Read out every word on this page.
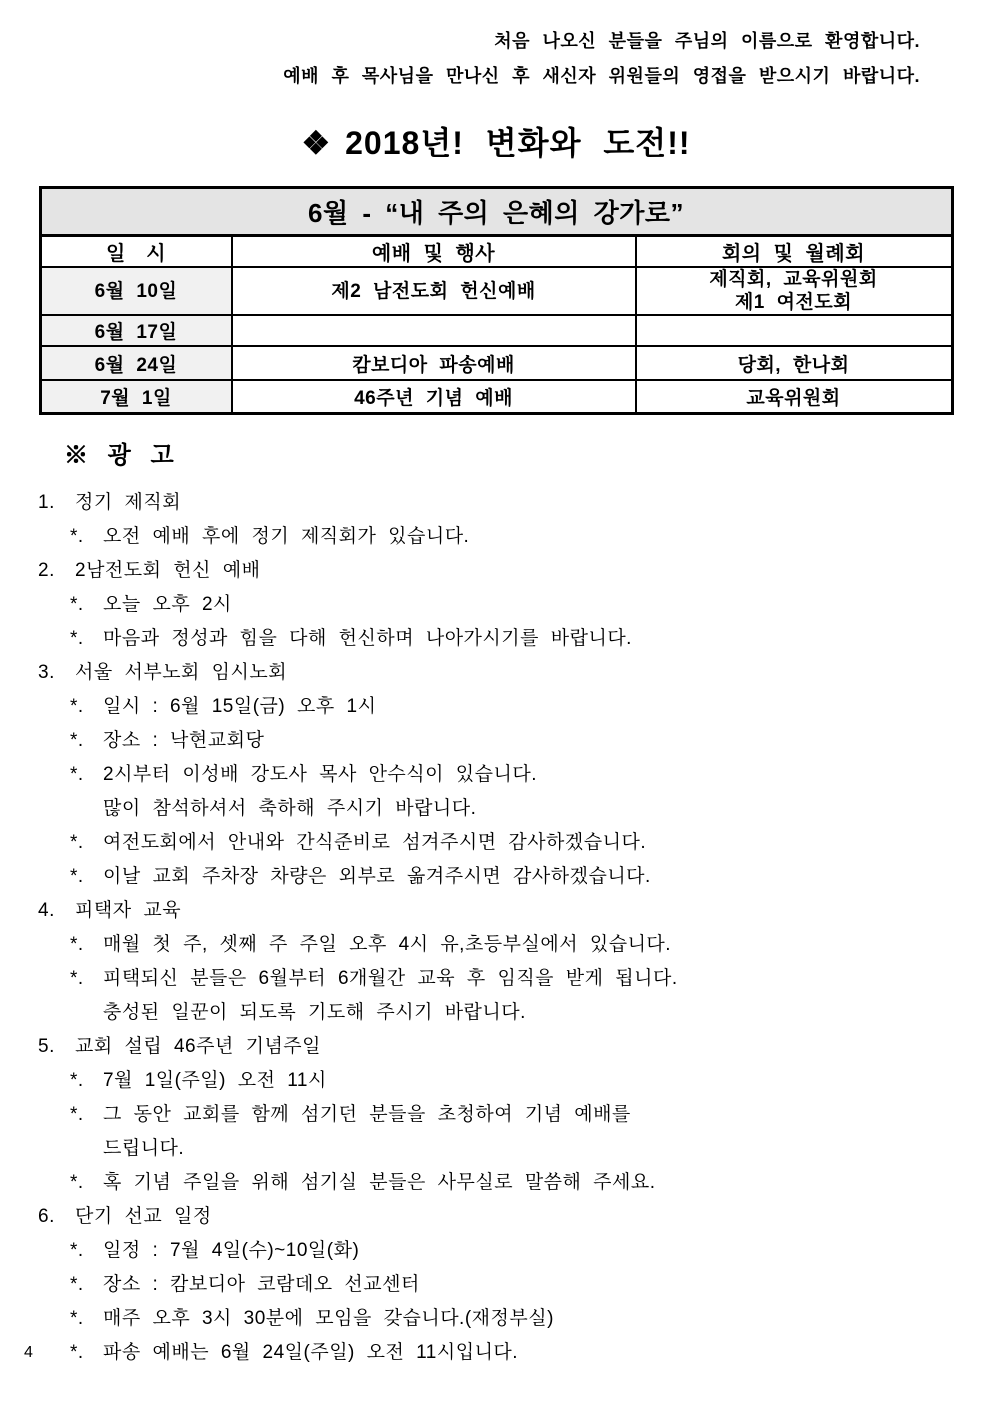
처음 나오신 분들을 주님의 이름으로 환영합니다.
예배 후 목사님을 만나신 후 새신자 위원들의 영접을 받으시기 바랍니다.
❖ 2018년! 변화와 도전!!
6월 - “내 주의 은혜의 강가로”		
일　시	예배 및 행사	회의 및 월례회
6월 10일	제2 남전도회 헌신예배	제직회, 교육위원회
제1 여전도회

6월 17일		
6월 24일	캄보디아 파송예배	당회, 한나회
7월 1일	46주년 기념 예배	교육위원회
※ 광 고
1. 정기 제직회
*. 오전 예배 후에 정기 제직회가 있습니다.
2. 2남전도회 헌신 예배
*. 오늘 오후 2시
*. 마음과 정성과 힘을 다해 헌신하며 나아가시기를 바랍니다.
3. 서울 서부노회 임시노회
*. 일시 : 6월 15일(금) 오후 1시
*. 장소 : 낙현교회당
*. 2시부터 이성배 강도사 목사 안수식이 있습니다.
많이 참석하셔서 축하해 주시기 바랍니다.
*. 여전도회에서 안내와 간식준비로 섬겨주시면 감사하겠습니다.
*. 이날 교회 주차장 차량은 외부로 옮겨주시면 감사하겠습니다.
4. 피택자 교육
*. 매월 첫 주, 셋째 주 주일 오후 4시 유,초등부실에서 있습니다.
*. 피택되신 분들은 6월부터 6개월간 교육 후 임직을 받게 됩니다.
충성된 일꾼이 되도록 기도해 주시기 바랍니다.
5. 교회 설립 46주년 기념주일
*. 7월 1일(주일) 오전 11시
*. 그 동안 교회를 함께 섬기던 분들을 초청하여 기념 예배를
드립니다.
*. 혹 기념 주일을 위해 섬기실 분들은 사무실로 말씀해 주세요.
6. 단기 선교 일정
*. 일정 : 7월 4일(수)~10일(화)
*. 장소 : 캄보디아 코람데오 선교센터
*. 매주 오후 3시 30분에 모임을 갖습니다.(재정부실)
*. 파송 예배는 6월 24일(주일) 오전 11시입니다.
4
